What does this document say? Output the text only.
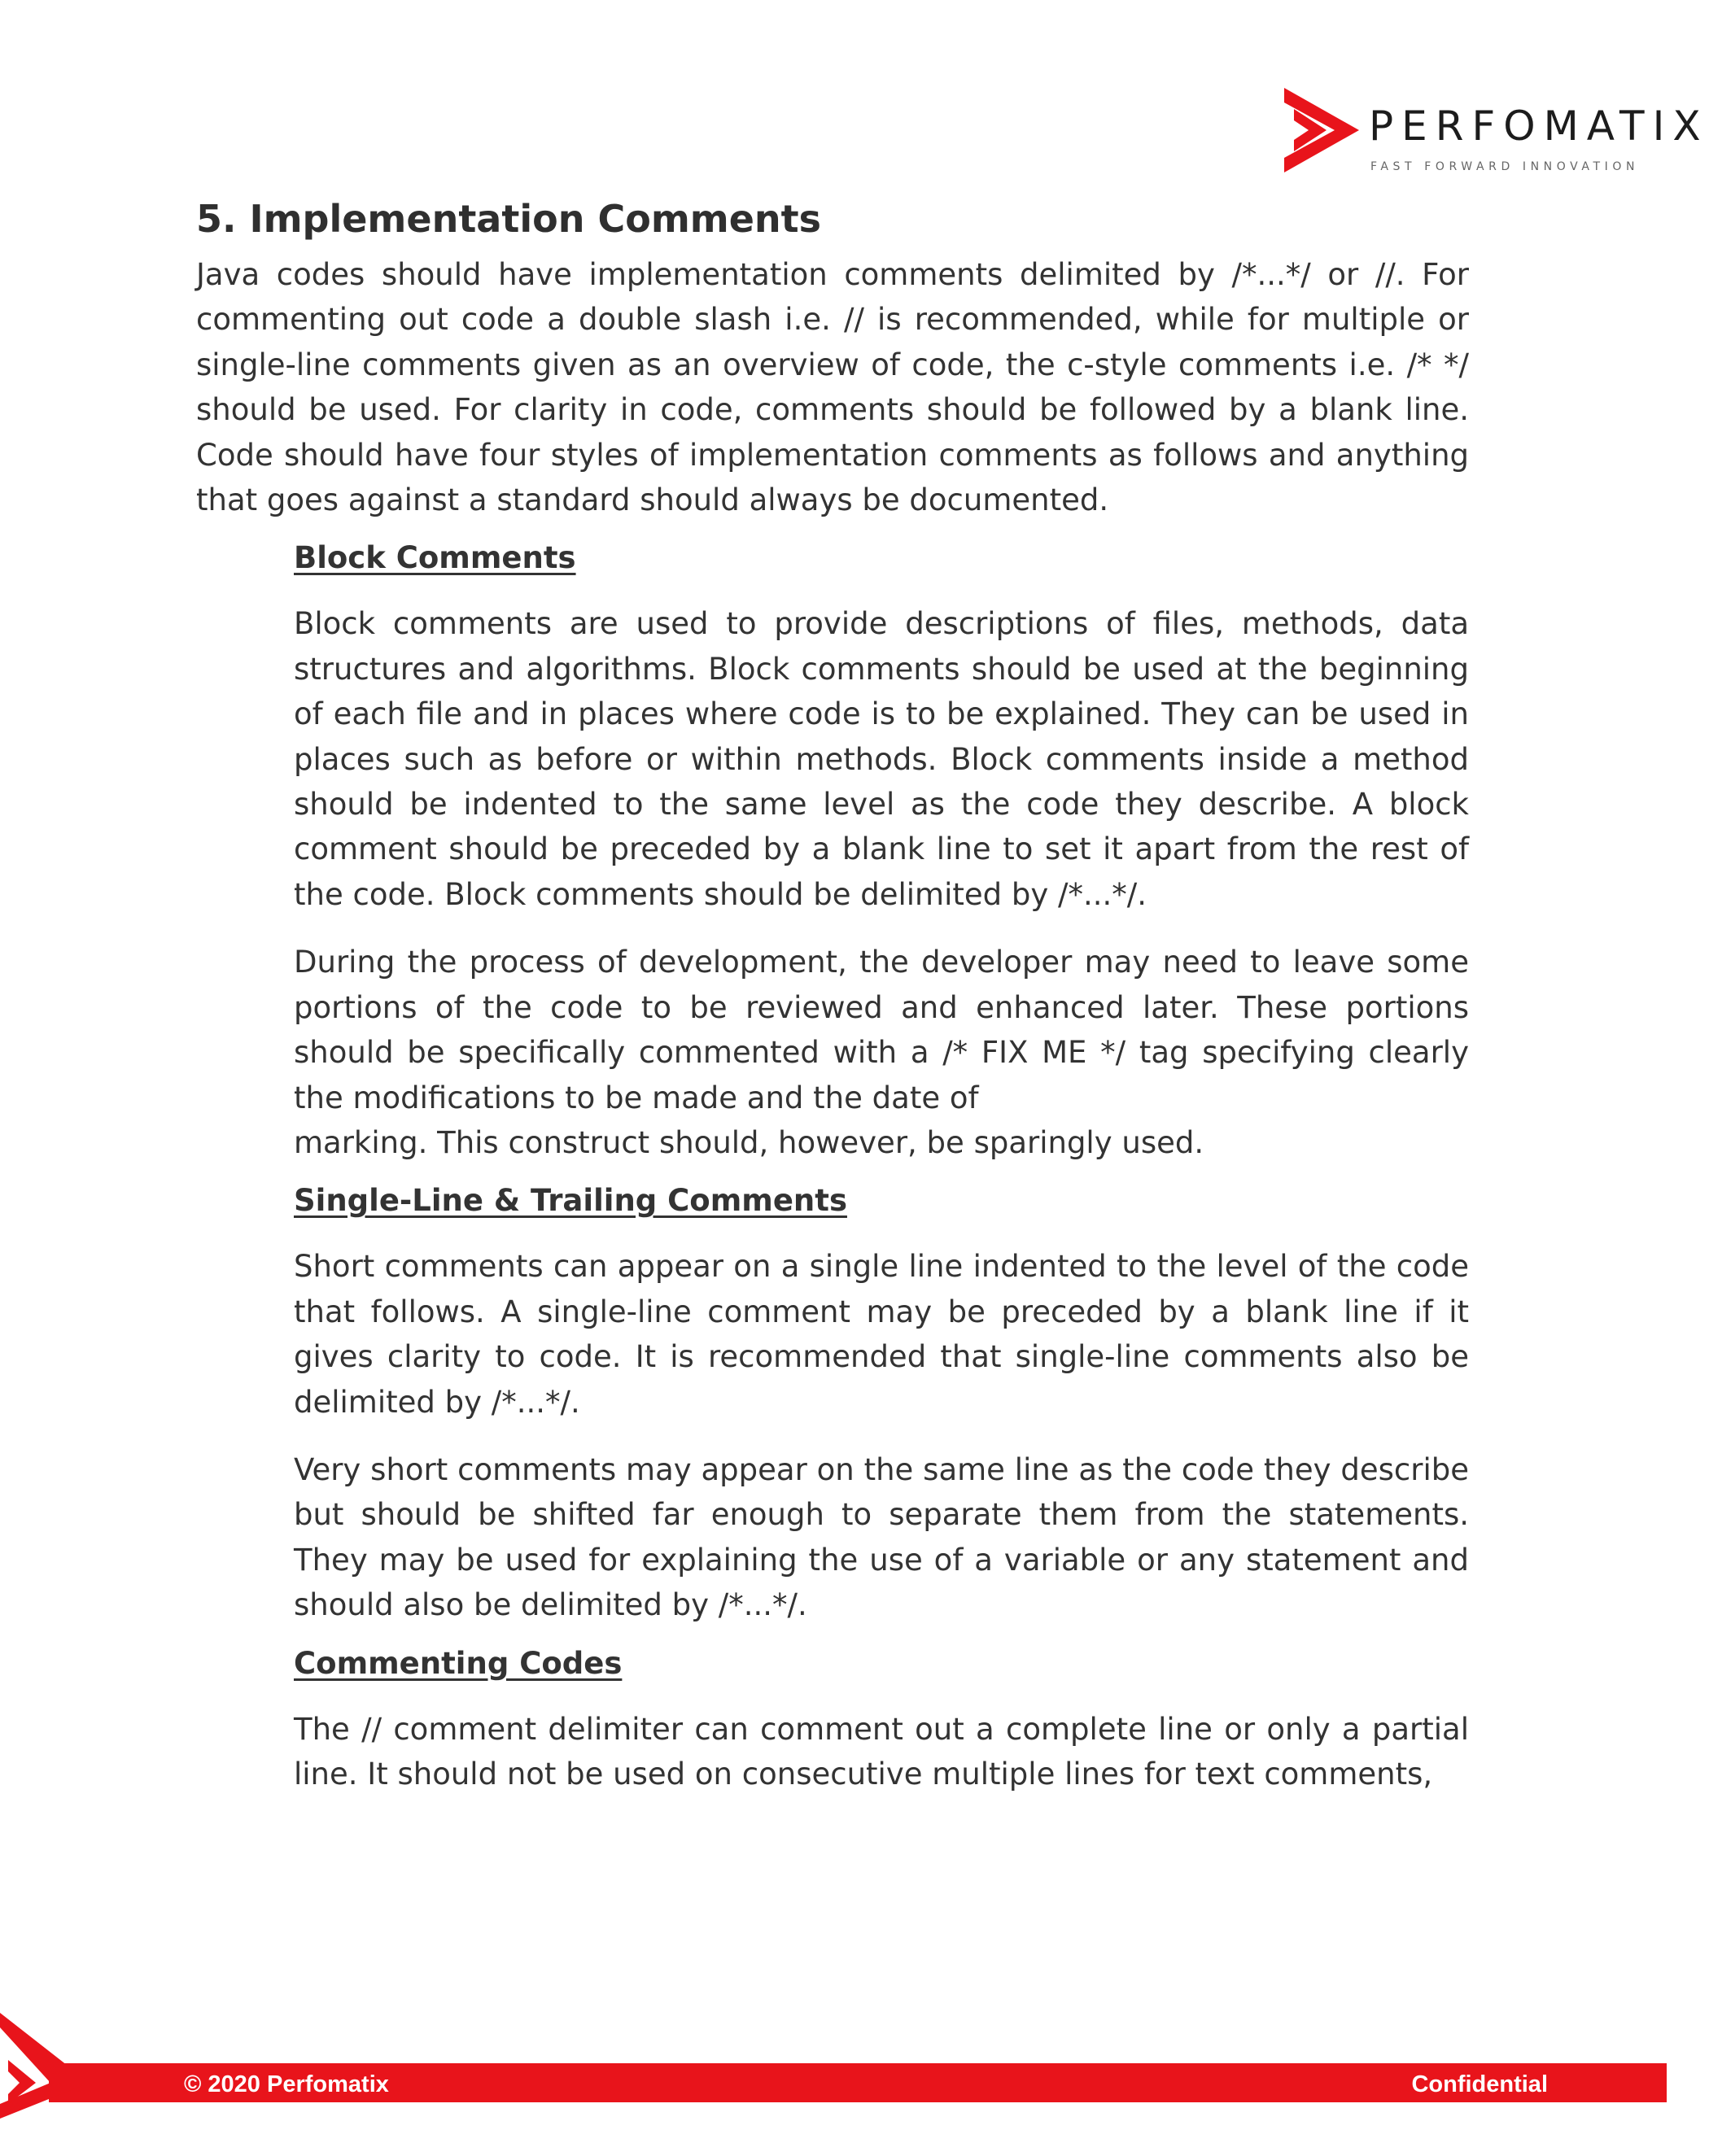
PERFOMATIX
FAST FORWARD INNOVATION
5. Implementation Comments

Java codes should have implementation comments delimited by /*...*/ or //. For commenting out code a double slash i.e. // is recommended, while for multiple or single-line comments given as an overview of code, the c-style comments i.e. /* */ should be used. For clarity in code, comments should be followed by a blank line. Code should have four styles of implementation comments as follows and anything that goes against a standard should always be documented.

Block Comments

Block comments are used to provide descriptions of files, methods, data structures and algorithms. Block comments should be used at the beginning of each file and in places where code is to be explained. They can be used in places such as before or within methods. Block comments inside a method should be indented to the same level as the code they describe. A block comment should be preceded by a blank line to set it apart from the rest of the code. Block comments should be delimited by /*...*/.

During the process of development, the developer may need to leave some portions of the code to be reviewed and enhanced later. These portions should be specifically commented with a /* FIX ME */ tag specifying clearly the modifications to be made and the date of
marking. This construct should, however, be sparingly used.

Single-Line & Trailing Comments

Short comments can appear on a single line indented to the level of the code that follows. A single-line comment may be preceded by a blank line if it gives clarity to code. It is recommended that single-line comments also be delimited by /*...*/.

Very short comments may appear on the same line as the code they describe but should be shifted far enough to separate them from the statements. They may be used for explaining the use of a variable or any statement and should also be delimited by /*...*/.

Commenting Codes

The // comment delimiter can comment out a complete line or only a partial line. It should not be used on consecutive multiple lines for text comments,

© 2020 Perfomatix	Confidential
